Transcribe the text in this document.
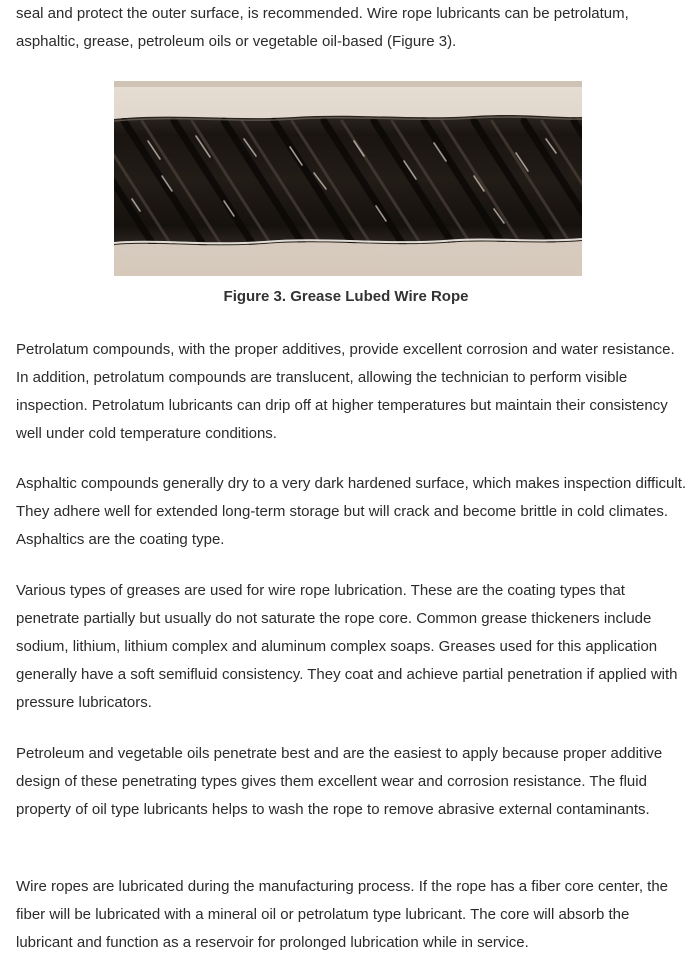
seal and protect the outer surface, is recommended. Wire rope lubricants can be petrolatum, asphaltic, grease, petroleum oils or vegetable oil-based (Figure 3).

Figure 3. Grease Lubed Wire Rope

Petrolatum compounds, with the proper additives, provide excellent corrosion and water resistance. In addition, petrolatum compounds are translucent, allowing the technician to perform visible inspection. Petrolatum lubricants can drip off at higher temperatures but maintain their consistency well under cold temperature conditions.

Asphaltic compounds generally dry to a very dark hardened surface, which makes inspection difficult. They adhere well for extended long-term storage but will crack and become brittle in cold climates. Asphaltics are the coating type.

Various types of greases are used for wire rope lubrication. These are the coating types that penetrate partially but usually do not saturate the rope core. Common grease thickeners include sodium, lithium, lithium complex and aluminum complex soaps. Greases used for this application generally have a soft semifluid consistency. They coat and achieve partial penetration if applied with pressure lubricators.

Petroleum and vegetable oils penetrate best and are the easiest to apply because proper additive design of these penetrating types gives them excellent wear and corrosion resistance. The fluid property of oil type lubricants helps to wash the rope to remove abrasive external contaminants.

Wire ropes are lubricated during the manufacturing process. If the rope has a fiber core center, the fiber will be lubricated with a mineral oil or petrolatum type lubricant. The core will absorb the lubricant and function as a reservoir for prolonged lubrication while in service.
